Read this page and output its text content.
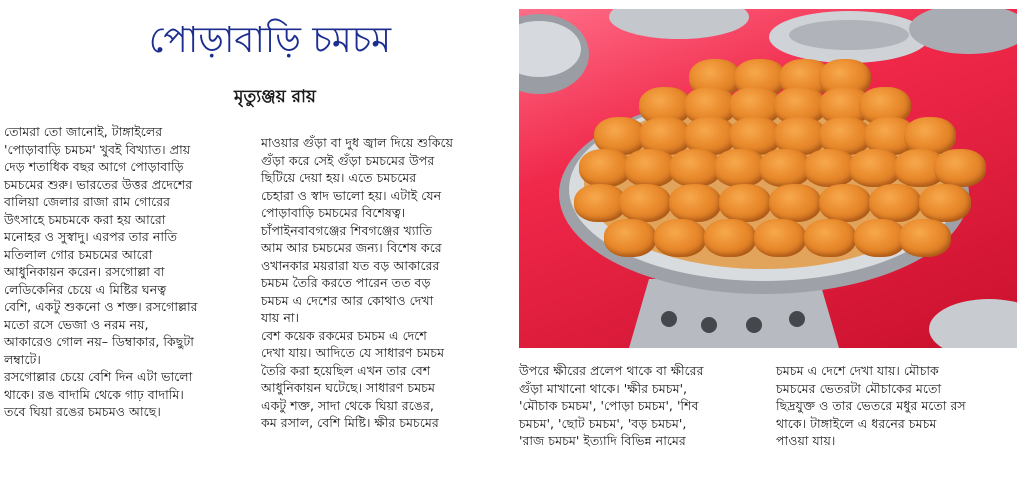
পোড়াবাড়ি চমচম
মৃত্যুঞ্জয় রায়
তোমরা তো জানোই, টাঙ্গাইলের
'পোড়াবাড়ি চমচম' খুবই বিখ্যাত। প্রায়
দেড় শতাধিক বছর আগে পোড়াবাড়ি
চমচমের শুরু। ভারতের উত্তর প্রদেশের
বালিয়া জেলার রাজা রাম গোরের
উৎসাহে চমচমকে করা হয় আরো
মনোহর ও সুস্বাদু। এরপর তার নাতি
মতিলাল গোর চমচমের আরো
আধুনিকায়ন করেন। রসগোল্লা বা
লেডিকেনির চেয়ে এ মিষ্টির ঘনত্ব
বেশি, একটু শুকনো ও শক্ত। রসগোল্লার
মতো রসে ভেজা ও নরম নয়,
আকারেও গোল নয়– ডিম্বাকার, কিছুটা
লম্বাটে।
রসগোল্লার চেয়ে বেশি দিন এটা ভালো
থাকে। রঙ বাদামি থেকে গাঢ় বাদামি।
তবে ঘিয়া রঙের চমচমও আছে।
মাওয়ার গুঁড়া বা দুধ জ্বাল দিয়ে শুকিয়ে
গুঁড়া করে সেই গুঁড়া চমচমের উপর
ছিটিয়ে দেয়া হয়। এতে চমচমের
চেহারা ও স্বাদ ভালো হয়। এটাই যেন
পোড়াবাড়ি চমচমের বিশেষত্ব।
চাঁপাইনবাবগঞ্জের শিবগঞ্জের খ্যাতি
আম আর চমচমের জন্য। বিশেষ করে
ওখানকার ময়রারা যত বড় আকারের
চমচম তৈরি করতে পারেন তত বড়
চমচম এ দেশের আর কোথাও দেখা
যায় না।
বেশ কয়েক রকমের চমচম এ দেশে
দেখা যায়। আদিতে যে সাধারণ চমচম
তৈরি করা হয়েছিল এখন তার বেশ
আধুনিকায়ন ঘটেছে। সাধারণ চমচম
একটু শক্ত, সাদা থেকে ঘিয়া রঙের,
কম রসাল, বেশি মিষ্টি। ক্ষীর চমচমের
উপরে ক্ষীরের প্রলেপ থাকে বা ক্ষীরের
গুঁড়া মাখানো থাকে। 'ক্ষীর চমচম',
'মৌচাক চমচম', 'পোড়া চমচম', 'শিব
চমচম', 'ছোট চমচম', 'বড় চমচম',
'রাজ চমচম' ইত্যাদি বিভিন্ন নামের
চমচম এ দেশে দেখা যায়। মৌচাক
চমচমের ভেতরটা মৌচাকের মতো
ছিদ্রযুক্ত ও তার ভেতরে মধুর মতো রস
থাকে। টাঙ্গাইলে এ ধরনের চমচম
পাওয়া যায়।
